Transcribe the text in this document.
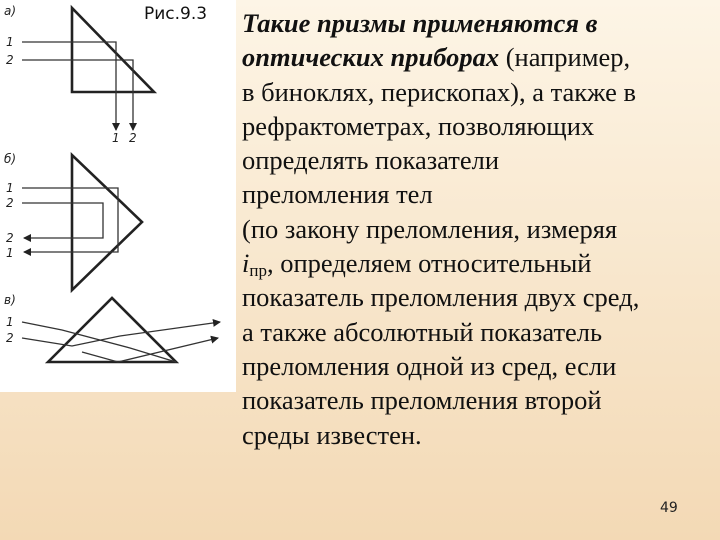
а)
1
2
1 2
б)
1
2
2
1
в)
1
2
Рис.9.3 Такие призмы применяются в
оптических приборах (например,
в биноклях, перископах), а также в
рефрактометрах, позволяющих
определять показатели
преломления тел
(по закону преломления, измеряя
$i_{пр}$, определяем относительный
показатель преломления двух сред,
а также абсолютный показатель
преломления одной из сред, если
показатель преломления второй
среды известен.
49
